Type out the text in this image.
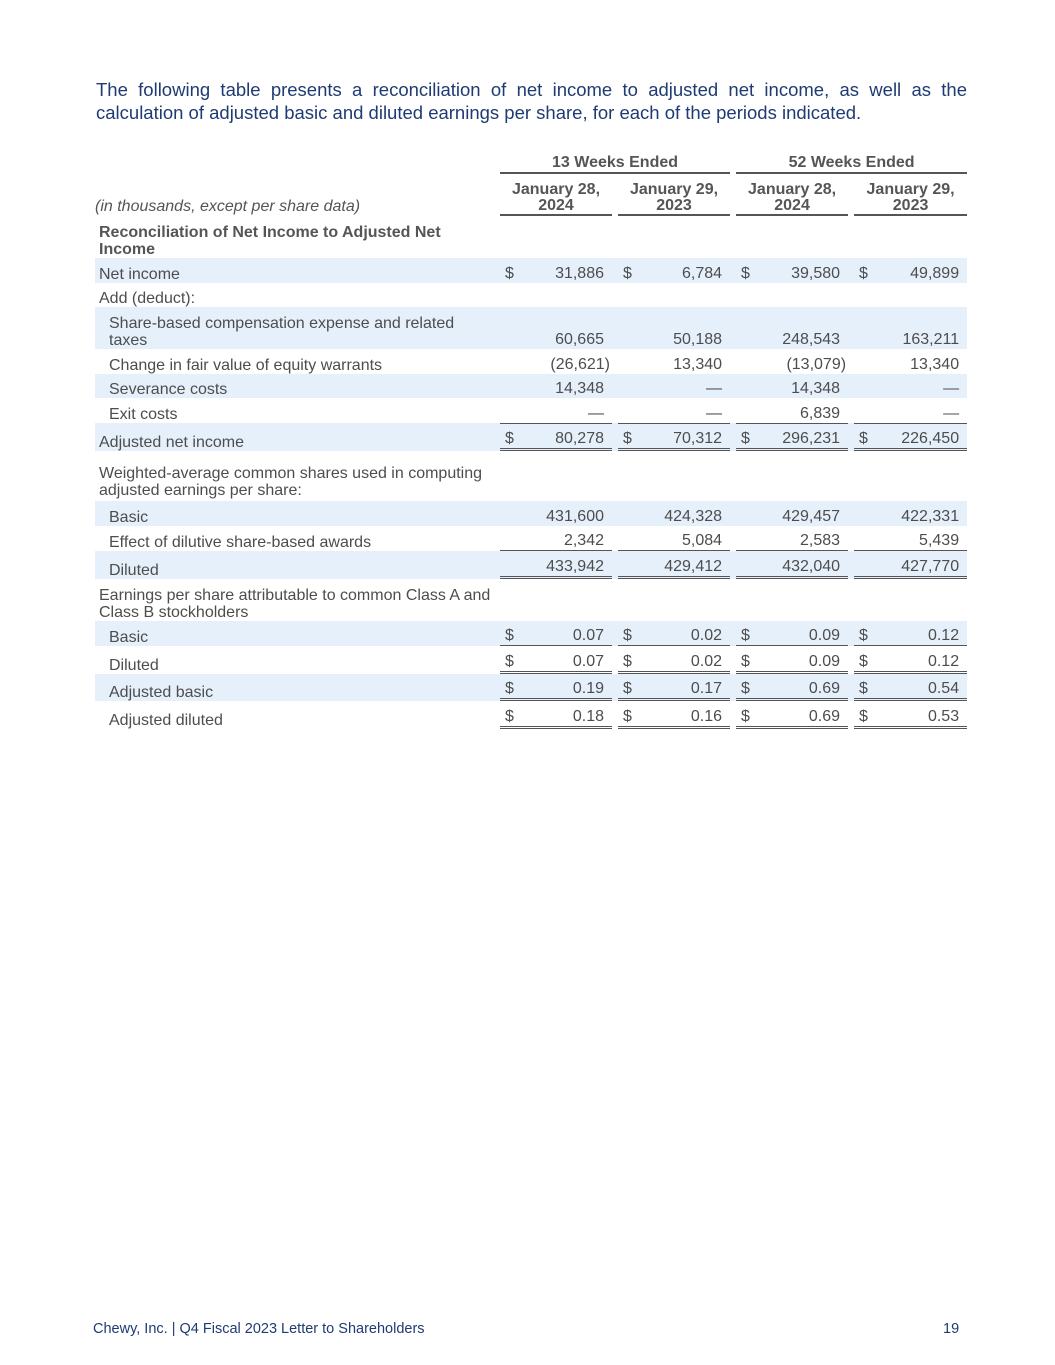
The following table presents a reconciliation of net income to adjusted net income, as well as the calculation of adjusted basic and diluted earnings per share, for each of the periods indicated.

		13 Weeks Ended						52 Weeks Ended				
(in thousands, except per share data)		January 28, 2024			January 29, 2023			January 28, 2024			January 29, 2023	
Reconciliation of Net Income to Adjusted Net Income												
Net income		$	31,886		$	6,784		$	39,580		$	49,899
Add (deduct):												
Share-based compensation expense and related taxes			60,665			50,188			248,543			163,211
Change in fair value of equity warrants			(26,621)			13,340			(13,079)			13,340
Severance costs			14,348			—			14,348			—
Exit costs			—			—			6,839			—
Adjusted net income		$	80,278		$	70,312		$	296,231		$	226,450
Weighted-average common shares used in computing adjusted earnings per share:												
Basic			431,600			424,328			429,457			422,331
Effect of dilutive share-based awards			2,342			5,084			2,583			5,439
Diluted			433,942			429,412			432,040			427,770
Earnings per share attributable to common Class A and Class B stockholders												
Basic		$	0.07		$	0.02		$	0.09		$	0.12
Diluted		$	0.07		$	0.02		$	0.09		$	0.12
Adjusted basic		$	0.19		$	0.17		$	0.69		$	0.54
Adjusted diluted		$	0.18		$	0.16		$	0.69		$	0.53
Chewy, Inc. | Q4 Fiscal 2023 Letter to Shareholders	19
